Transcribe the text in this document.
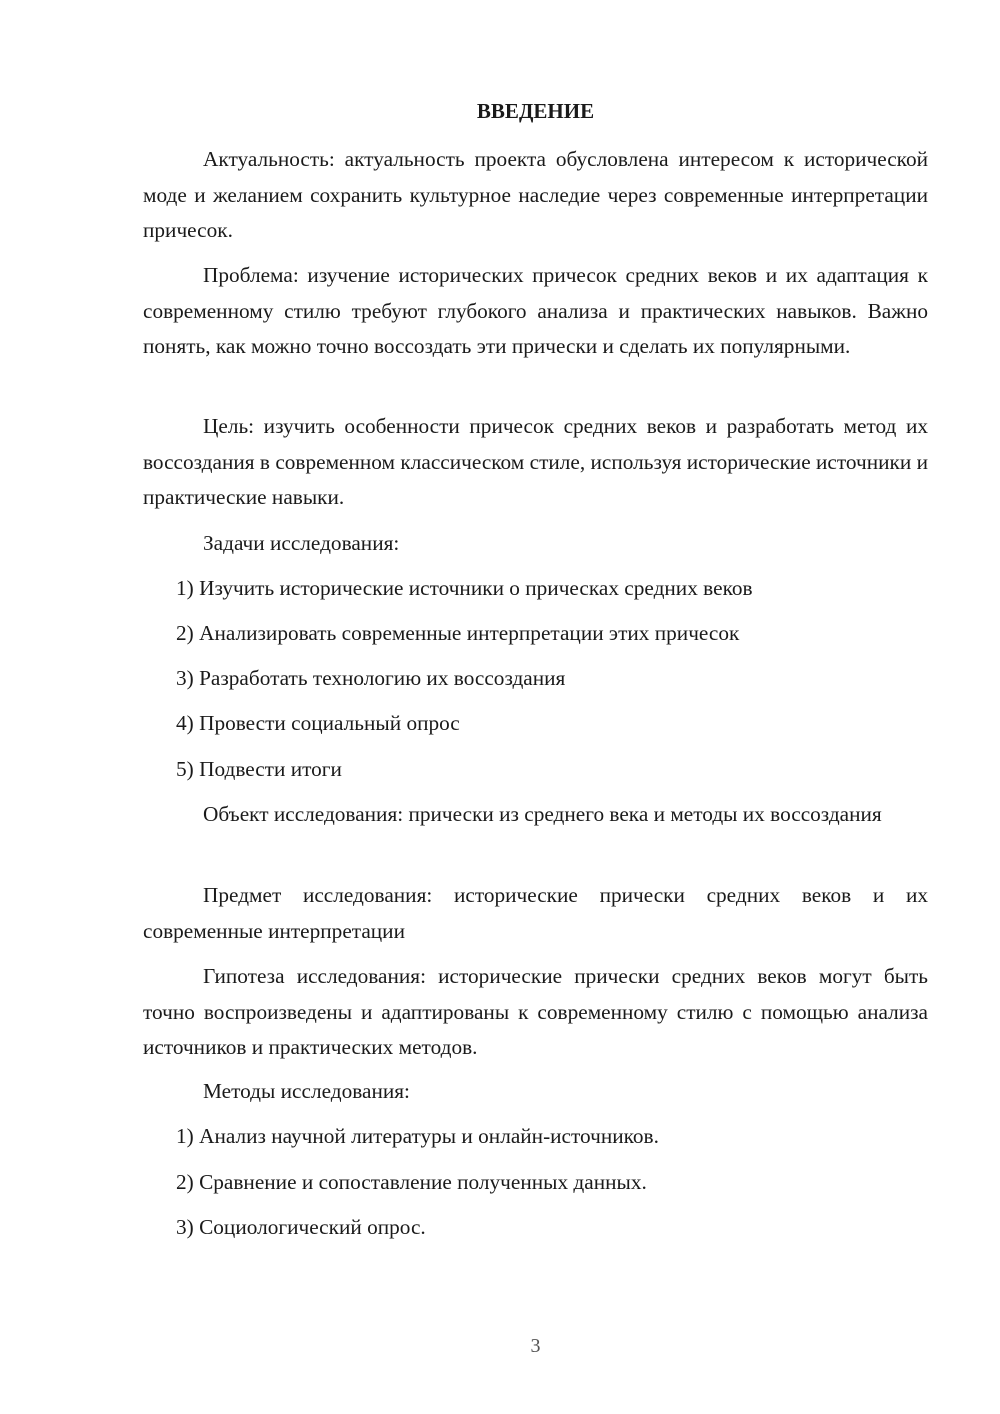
ВВЕДЕНИЕ

Актуальность: актуальность проекта обусловлена интересом к исторической моде и желанием сохранить культурное наследие через современные интерпретации причесок.

Проблема: изучение исторических причесок средних веков и их адаптация к современному стилю требуют глубокого анализа и практических навыков. Важно понять, как можно точно воссоздать эти прически и сделать их популярными.

Цель: изучить особенности причесок средних веков и разработать метод их воссоздания в современном классическом стиле, используя исторические источники и практические навыки.

Задачи исследования:

1) Изучить исторические источники о прическах средних веков

2) Анализировать современные интерпретации этих причесок

3) Разработать технологию их воссоздания

4) Провести социальный опрос

5) Подвести итоги

Объект исследования: прически из среднего века и методы их воссоздания

Предмет исследования: исторические прически средних веков и их современные интерпретации

Гипотеза исследования: исторические прически средних веков могут быть точно воспроизведены и адаптированы к современному стилю с помощью анализа источников и практических методов.

Методы исследования:

1) Анализ научной литературы и онлайн-источников.

2) Сравнение и сопоставление полученных данных.

3) Социологический опрос.

3
